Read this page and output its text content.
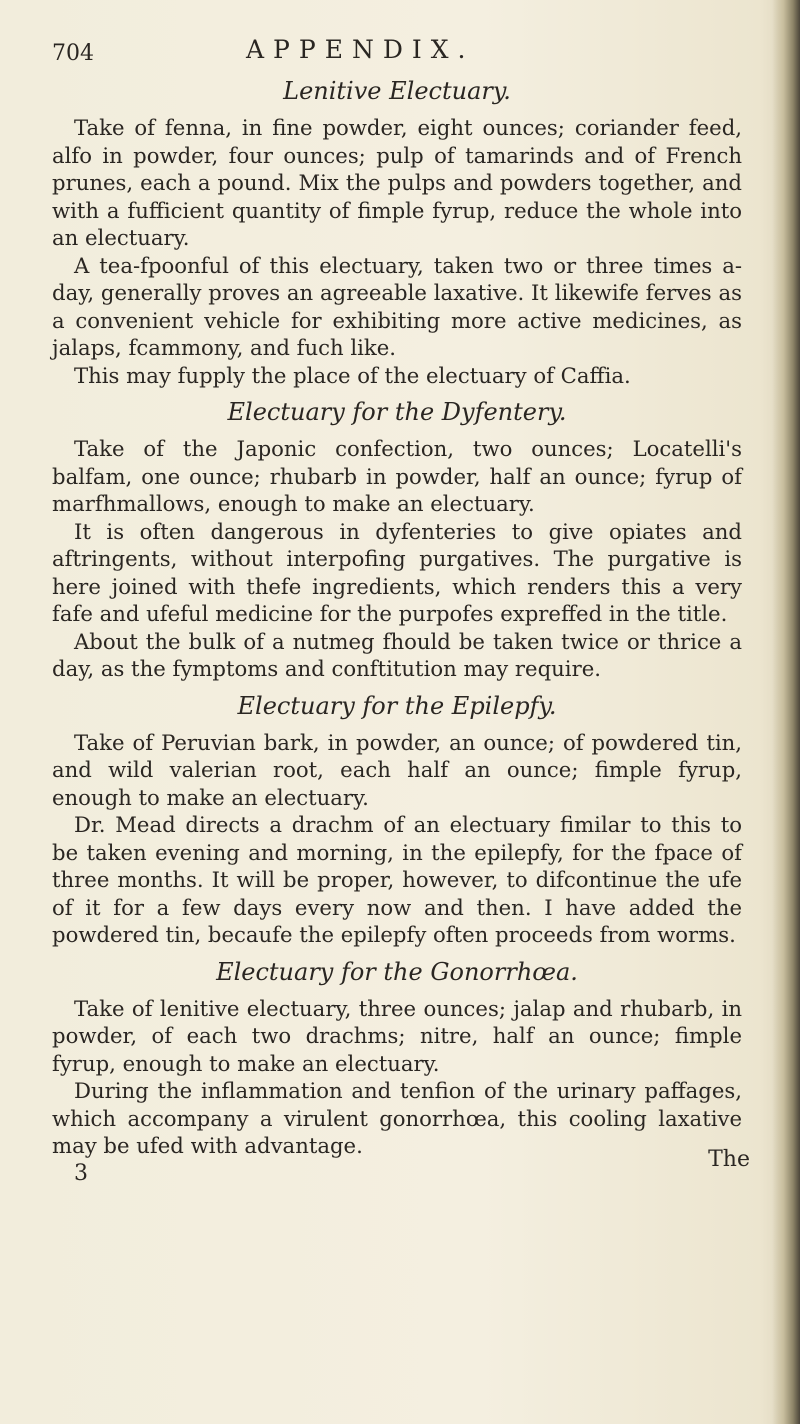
704	APPENDIX.
Lenitive Electuary.

Take of fenna, in fine powder, eight ounces; coriander feed, alfo in powder, four ounces; pulp of tamarinds and of French prunes, each a pound. Mix the pulps and powders together, and with a fufficient quantity of fimple fyrup, reduce the whole into an electuary.

A tea-fpoonful of this electuary, taken two or three times a-day, generally proves an agreeable laxative. It likewife ferves as a convenient vehicle for exhibiting more active medicines, as jalaps, fcammony, and fuch like.

This may fupply the place of the electuary of Caffia.

Electuary for the Dyfentery.

Take of the Japonic confection, two ounces; Locatelli's balfam, one ounce; rhubarb in powder, half an ounce; fyrup of marfhmallows, enough to make an electuary.

It is often dangerous in dyfenteries to give opiates and aftringents, without interpofing purgatives. The purgative is here joined with thefe ingredients, which renders this a very fafe and ufeful medicine for the purpofes expreffed in the title.

About the bulk of a nutmeg fhould be taken twice or thrice a day, as the fymptoms and conftitution may require.

Electuary for the Epilepfy.

Take of Peruvian bark, in powder, an ounce; of powdered tin, and wild valerian root, each half an ounce; fimple fyrup, enough to make an electuary.

Dr. Mead directs a drachm of an electuary fimilar to this to be taken evening and morning, in the epilepfy, for the fpace of three months. It will be proper, however, to difcontinue the ufe of it for a few days every now and then. I have added the powdered tin, becaufe the epilepfy often proceeds from worms.

Electuary for the Gonorrhœa.

Take of lenitive electuary, three ounces; jalap and rhubarb, in powder, of each two drachms; nitre, half an ounce; fimple fyrup, enough to make an electuary.

During the inflammation and tenfion of the urinary paffages, which accompany a virulent gonorrhœa, this cooling laxative may be ufed with advantage.

3
The
